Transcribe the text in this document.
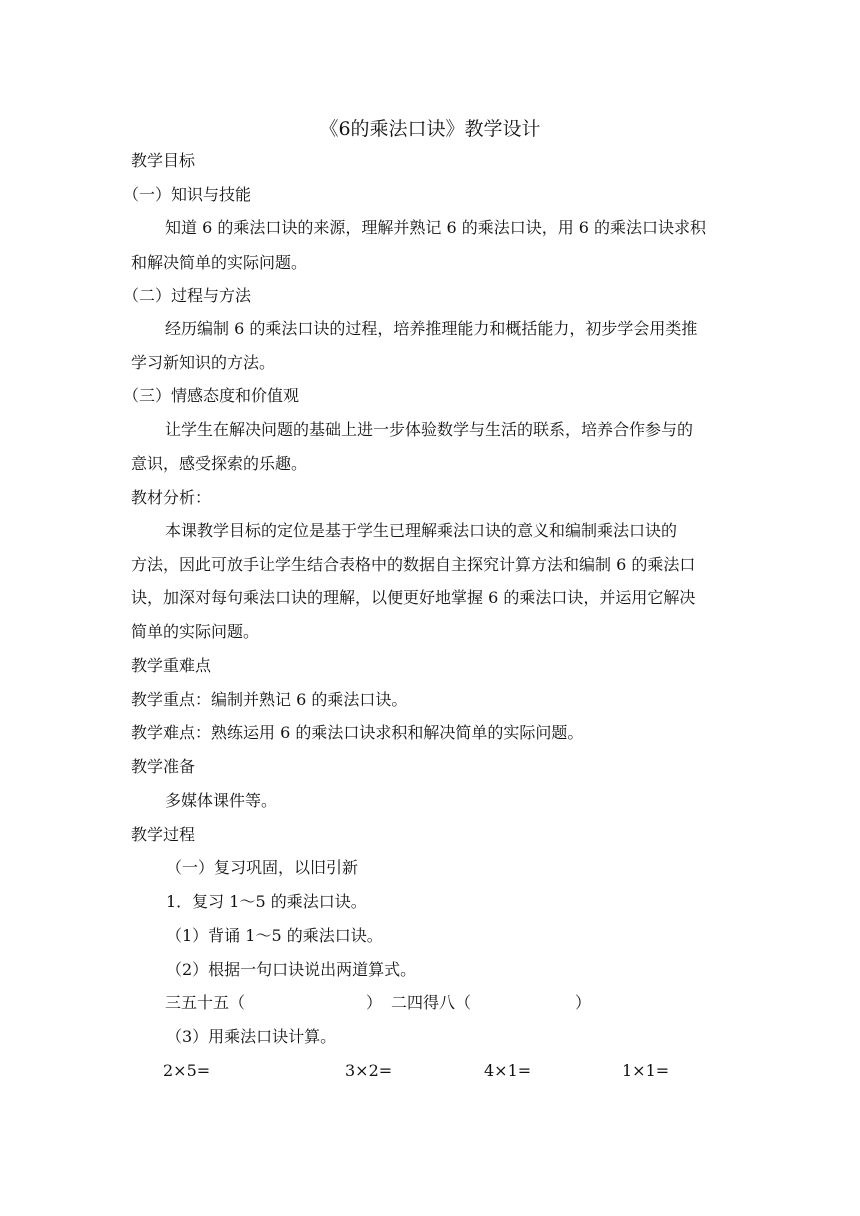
《6的乘法口诀》教学设计
教学目标
（一）知识与技能
知道 6 的乘法口诀的来源，理解并熟记 6 的乘法口诀，用 6 的乘法口诀求积
和解决简单的实际问题。
（二）过程与方法
经历编制 6 的乘法口诀的过程，培养推理能力和概括能力，初步学会用类推
学习新知识的方法。
（三）情感态度和价值观
让学生在解决问题的基础上进一步体验数学与生活的联系，培养合作参与的
意识，感受探索的乐趣。
教材分析：
本课教学目标的定位是基于学生已理解乘法口诀的意义和编制乘法口诀的
方法，因此可放手让学生结合表格中的数据自主探究计算方法和编制 6 的乘法口
诀，加深对每句乘法口诀的理解，以便更好地掌握 6 的乘法口诀，并运用它解决
简单的实际问题。
教学重难点
教学重点：编制并熟记 6 的乘法口诀。
教学难点：熟练运用 6 的乘法口诀求积和解决简单的实际问题。
教学准备
多媒体课件等。
教学过程
（一）复习巩固，以旧引新
1．复习 1～5 的乘法口诀。
（1）背诵 1～5 的乘法口诀。
（2）根据一句口诀说出两道算式。
三五十五（	） 二四得八（	）
（3）用乘法口诀计算。
2×5=	3×2=	4×1=	1×1=
